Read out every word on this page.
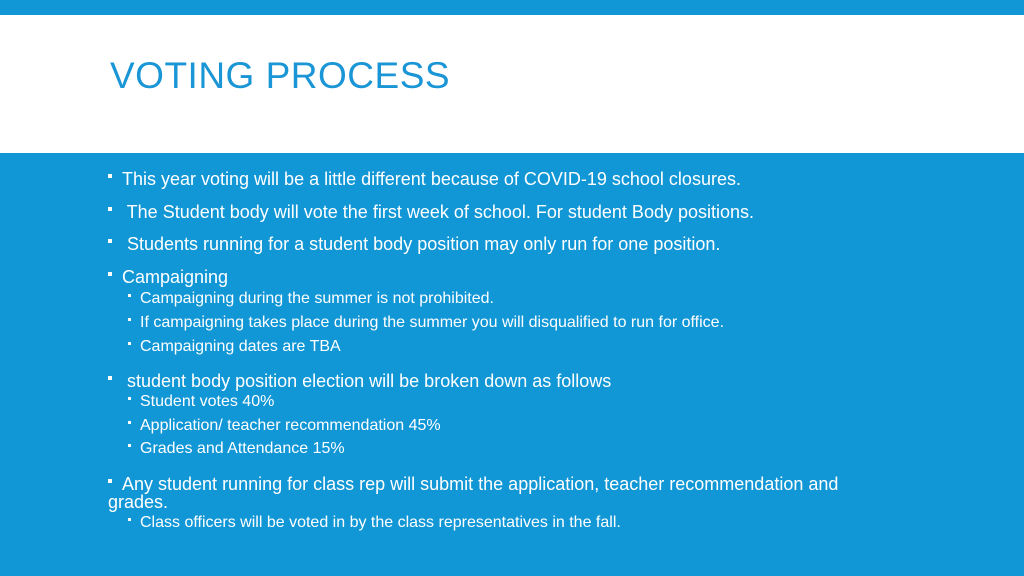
VOTING PROCESS
This year voting will be a little different because of COVID-19 school closures.
The Student body will vote the first week of school. For student Body positions.
Students running for a student body position may only run for one position.
Campaigning
Campaigning during the summer is not prohibited.
If campaigning takes place during the summer you will disqualified to run for office.
Campaigning dates are TBA
student body position election will be broken down as follows
Student votes 40%
Application/ teacher recommendation 45%
Grades and Attendance 15%
Any student running for class rep will submit the application, teacher recommendation and grades.
Class officers will be voted in by the class representatives in the fall.
